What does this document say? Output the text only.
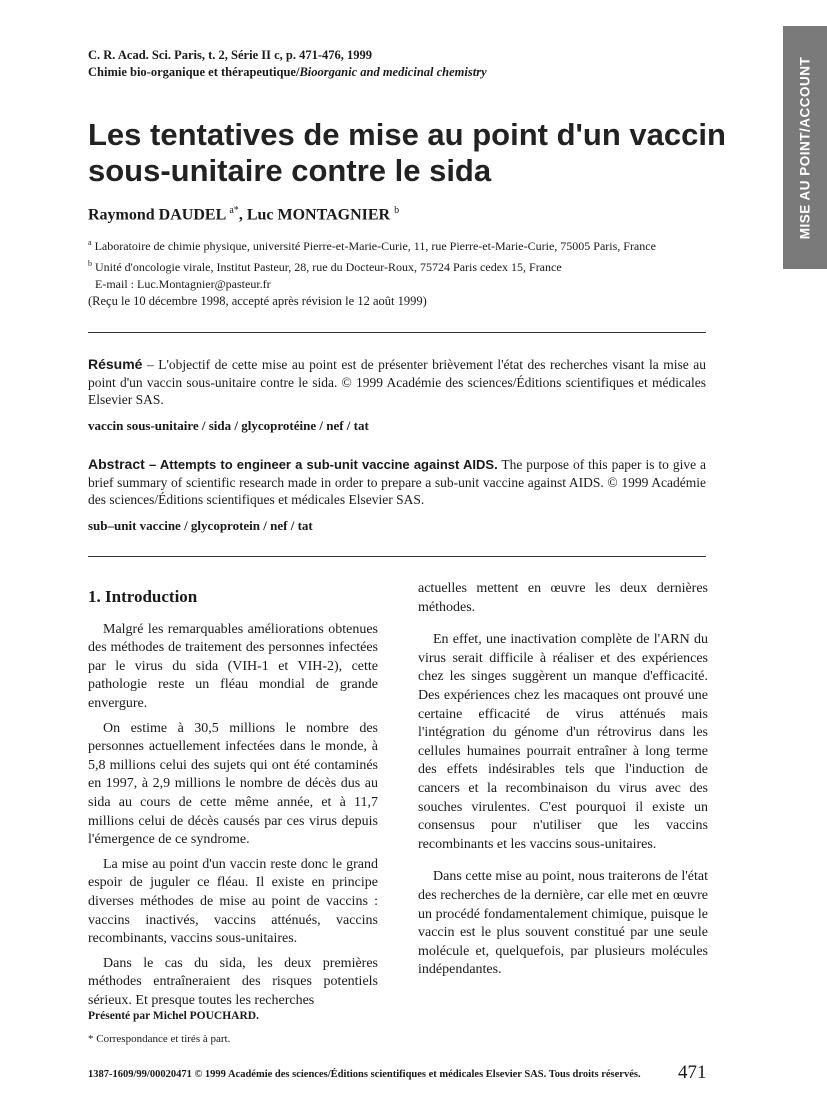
C. R. Acad. Sci. Paris, t. 2, Série II c, p. 471-476, 1999
Chimie bio-organique et thérapeutique/Bioorganic and medicinal chemistry	MISE AU POINT/ACCOUNT
Les tentatives de mise au point d'un vaccin
sous-unitaire contre le sida
Raymond DAUDEL $^{a*}$, Luc MONTAGNIER $^b$
$^a$ Laboratoire de chimie physique, université Pierre-et-Marie-Curie, 11, rue Pierre-et-Marie-Curie, 75005 Paris, France
$^b$ Unité d'oncologie virale, Institut Pasteur, 28, rue du Docteur-Roux, 75724 Paris cedex 15, France
E-mail : Luc.Montagnier@pasteur.fr
(Reçu le 10 décembre 1998, accepté après révision le 12 août 1999)
Résumé – L'objectif de cette mise au point est de présenter brièvement l'état des recherches visant la mise au point d'un vaccin sous-unitaire contre le sida. © 1999 Académie des sciences/Éditions scientifiques et médicales Elsevier SAS.
vaccin sous-unitaire / sida / glycoprotéine / nef / tat
Abstract – Attempts to engineer a sub-unit vaccine against AIDS. The purpose of this paper is to give a brief summary of scientific research made in order to prepare a sub-unit vaccine against AIDS. © 1999 Académie des sciences/Éditions scientifiques et médicales Elsevier SAS.
sub–unit vaccine / glycoprotein / nef / tat
1. Introduction

Malgré les remarquables améliorations obtenues des méthodes de traitement des personnes infectées par le virus du sida (VIH-1 et VIH-2), cette pathologie reste un fléau mondial de grande envergure.

On estime à 30,5 millions le nombre des personnes actuellement infectées dans le monde, à 5,8 millions celui des sujets qui ont été contaminés en 1997, à 2,9 millions le nombre de décès dus au sida au cours de cette même année, et à 11,7 millions celui de décès causés par ces virus depuis l'émergence de ce syndrome.

La mise au point d'un vaccin reste donc le grand espoir de juguler ce fléau. Il existe en principe diverses méthodes de mise au point de vaccins : vaccins inactivés, vaccins atténués, vaccins recombinants, vaccins sous-unitaires.

Dans le cas du sida, les deux premières méthodes entraîneraient des risques potentiels sérieux. Et presque toutes les recherches

actuelles mettent en œuvre les deux dernières méthodes.

En effet, une inactivation complète de l'ARN du virus serait difficile à réaliser et des expériences chez les singes suggèrent un manque d'efficacité. Des expériences chez les macaques ont prouvé une certaine efficacité de virus atténués mais l'intégration du génome d'un rétrovirus dans les cellules humaines pourrait entraîner à long terme des effets indésirables tels que l'induction de cancers et la recombinaison du virus avec des souches virulentes. C'est pourquoi il existe un consensus pour n'utiliser que les vaccins recombinants et les vaccins sous-unitaires.

Dans cette mise au point, nous traiterons de l'état des recherches de la dernière, car elle met en œuvre un procédé fondamentalement chimique, puisque le vaccin est le plus souvent constitué par une seule molécule et, quelquefois, par plusieurs molécules indépendantes.

Présenté par Michel POUCHARD.
* Correspondance et tirés à part.
1387-1609/99/00020471 © 1999 Académie des sciences/Éditions scientifiques et médicales Elsevier SAS. Tous droits réservés. 471
